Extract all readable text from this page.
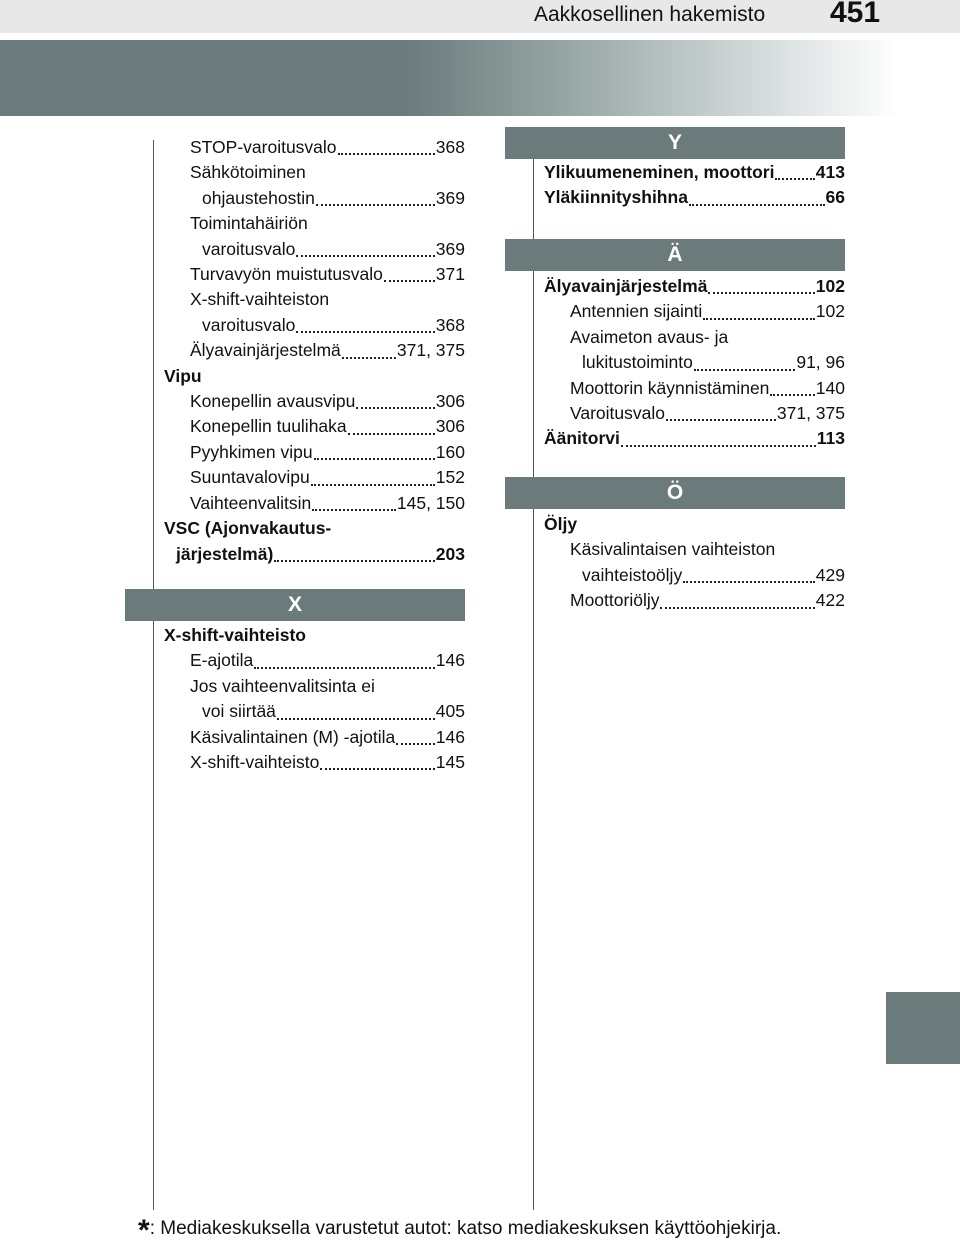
Aakkosellinen hakemisto 451
STOP-varoitusvalo	368
Sähkötoiminen
ohjaustehostin	369
Toimintahäiriön
varoitusvalo	369
Turvavyön muistutusvalo	371
X-shift-vaihteiston
varoitusvalo	368
Älyavainjärjestelmä	371, 375
Vipu
Konepellin avausvipu	306
Konepellin tuulihaka	306
Pyyhkimen vipu	160
Suuntavalovipu	152
Vaihteenvalitsin	145, 150
VSC (Ajonvakautus-
järjestelmä)	203
X
X-shift-vaihteisto
E-ajotila	146
Jos vaihteenvalitsinta ei
voi siirtää	405
Käsivalintainen (M) -ajotila 146
X-shift-vaihteisto	145
Y
Ylikuumeneminen, moottori 413
Yläkiinnityshihna	66
Ä
Älyavainjärjestelmä	102
Antennien sijainti	102
Avaimeton avaus- ja
lukitustoiminto	91, 96
Moottorin käynnistäminen	140
Varoitusvalo	371, 375
Äänitorvi	113
Ö
Öljy
Käsivalintaisen vaihteiston
vaihteistoöljy	429
Moottoriöljy	422
*: Mediakeskuksella varustetut autot: katso mediakeskuksen käyttöohjekirja.
